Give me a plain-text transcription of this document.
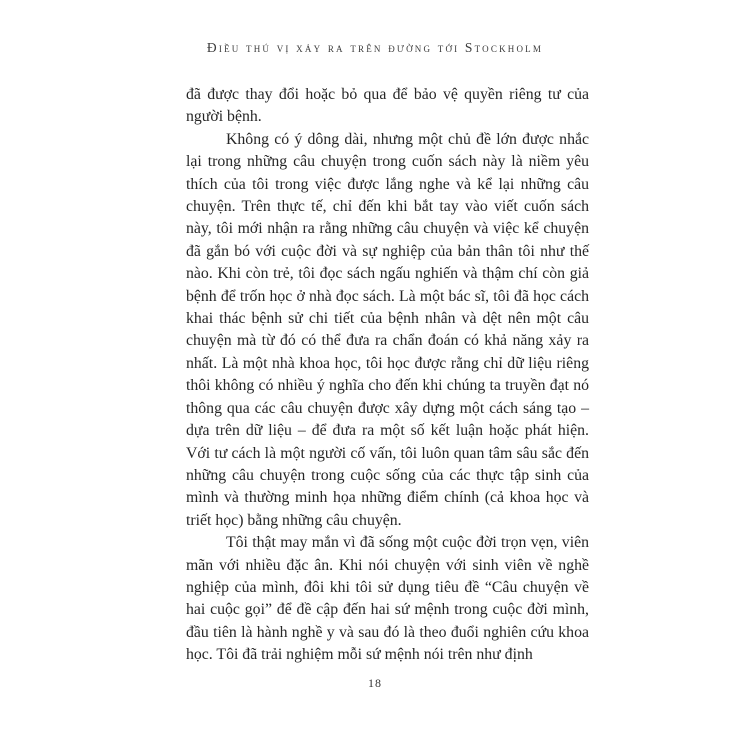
Điều thú vị xảy ra trên đường tới Stockholm

đã được thay đổi hoặc bỏ qua để bảo vệ quyền riêng tư của người bệnh.

Không có ý dông dài, nhưng một chủ đề lớn được nhắc lại trong những câu chuyện trong cuốn sách này là niềm yêu thích của tôi trong việc được lắng nghe và kể lại những câu chuyện. Trên thực tế, chỉ đến khi bắt tay vào viết cuốn sách này, tôi mới nhận ra rằng những câu chuyện và việc kể chuyện đã gắn bó với cuộc đời và sự nghiệp của bản thân tôi như thế nào. Khi còn trẻ, tôi đọc sách ngấu nghiến và thậm chí còn giả bệnh để trốn học ở nhà đọc sách. Là một bác sĩ, tôi đã học cách khai thác bệnh sử chi tiết của bệnh nhân và dệt nên một câu chuyện mà từ đó có thể đưa ra chẩn đoán có khả năng xảy ra nhất. Là một nhà khoa học, tôi học được rằng chỉ dữ liệu riêng thôi không có nhiều ý nghĩa cho đến khi chúng ta truyền đạt nó thông qua các câu chuyện được xây dựng một cách sáng tạo – dựa trên dữ liệu – để đưa ra một số kết luận hoặc phát hiện. Với tư cách là một người cố vấn, tôi luôn quan tâm sâu sắc đến những câu chuyện trong cuộc sống của các thực tập sinh của mình và thường minh họa những điểm chính (cả khoa học và triết học) bằng những câu chuyện.

Tôi thật may mắn vì đã sống một cuộc đời trọn vẹn, viên mãn với nhiều đặc ân. Khi nói chuyện với sinh viên về nghề nghiệp của mình, đôi khi tôi sử dụng tiêu đề “Câu chuyện về hai cuộc gọi” để đề cập đến hai sứ mệnh trong cuộc đời mình, đầu tiên là hành nghề y và sau đó là theo đuổi nghiên cứu khoa học. Tôi đã trải nghiệm mỗi sứ mệnh nói trên như định

18
